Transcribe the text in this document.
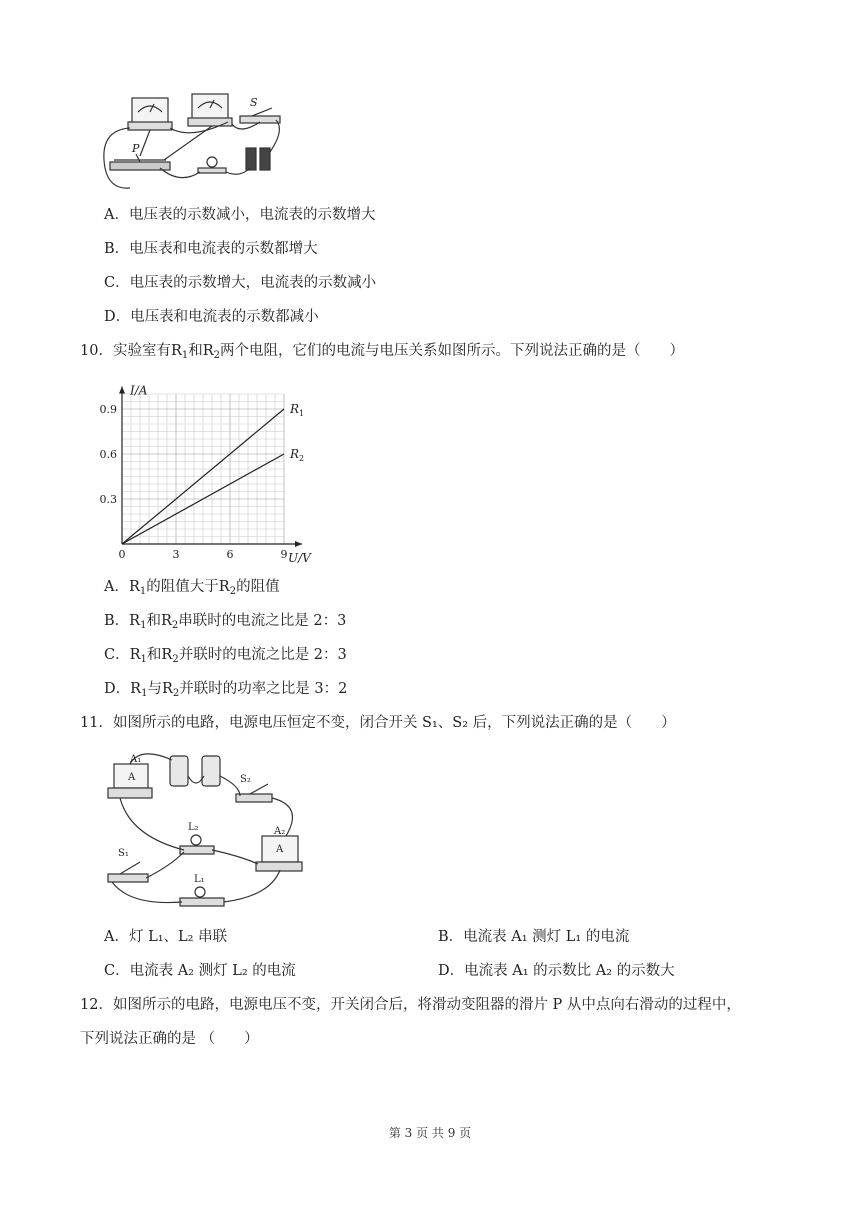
S
P
A．电压表的示数减小，电流表的示数增大
B．电压表和电流表的示数都增大
C．电压表的示数增大，电流表的示数减小
D．电压表和电流表的示数都减小
10．实验室有$R_1$和$R_2$两个电阻，它们的电流与电压关系如图所示。下列说法正确的是（　　）
I/A
U/V
0	3	6	9
0.3
0.6
0.9	$R_1$
$R_2$
A．$R_1$的阻值大于$R_2$的阻值
B．$R_1$和$R_2$串联时的电流之比是 2：3
C．$R_1$和$R_2$并联时的电流之比是 2：3
D．$R_1$与$R_2$并联时的功率之比是 3：2
11．如图所示的电路，电源电压恒定不变，闭合开关 S₁、S₂ 后，下列说法正确的是（　　）
A₁
A	S₂
L₂	A₂
A
S₁
L₁
A．灯 L₁、L₂ 串联	B．电流表 A₁ 测灯 L₁ 的电流
C．电流表 A₂ 测灯 L₂ 的电流	D．电流表 A₁ 的示数比 A₂ 的示数大
12．如图所示的电路，电源电压不变，开关闭合后，将滑动变阻器的滑片 P 从中点向右滑动的过程中，
下列说法正确的是 （　　）
第 3 页 共 9 页
